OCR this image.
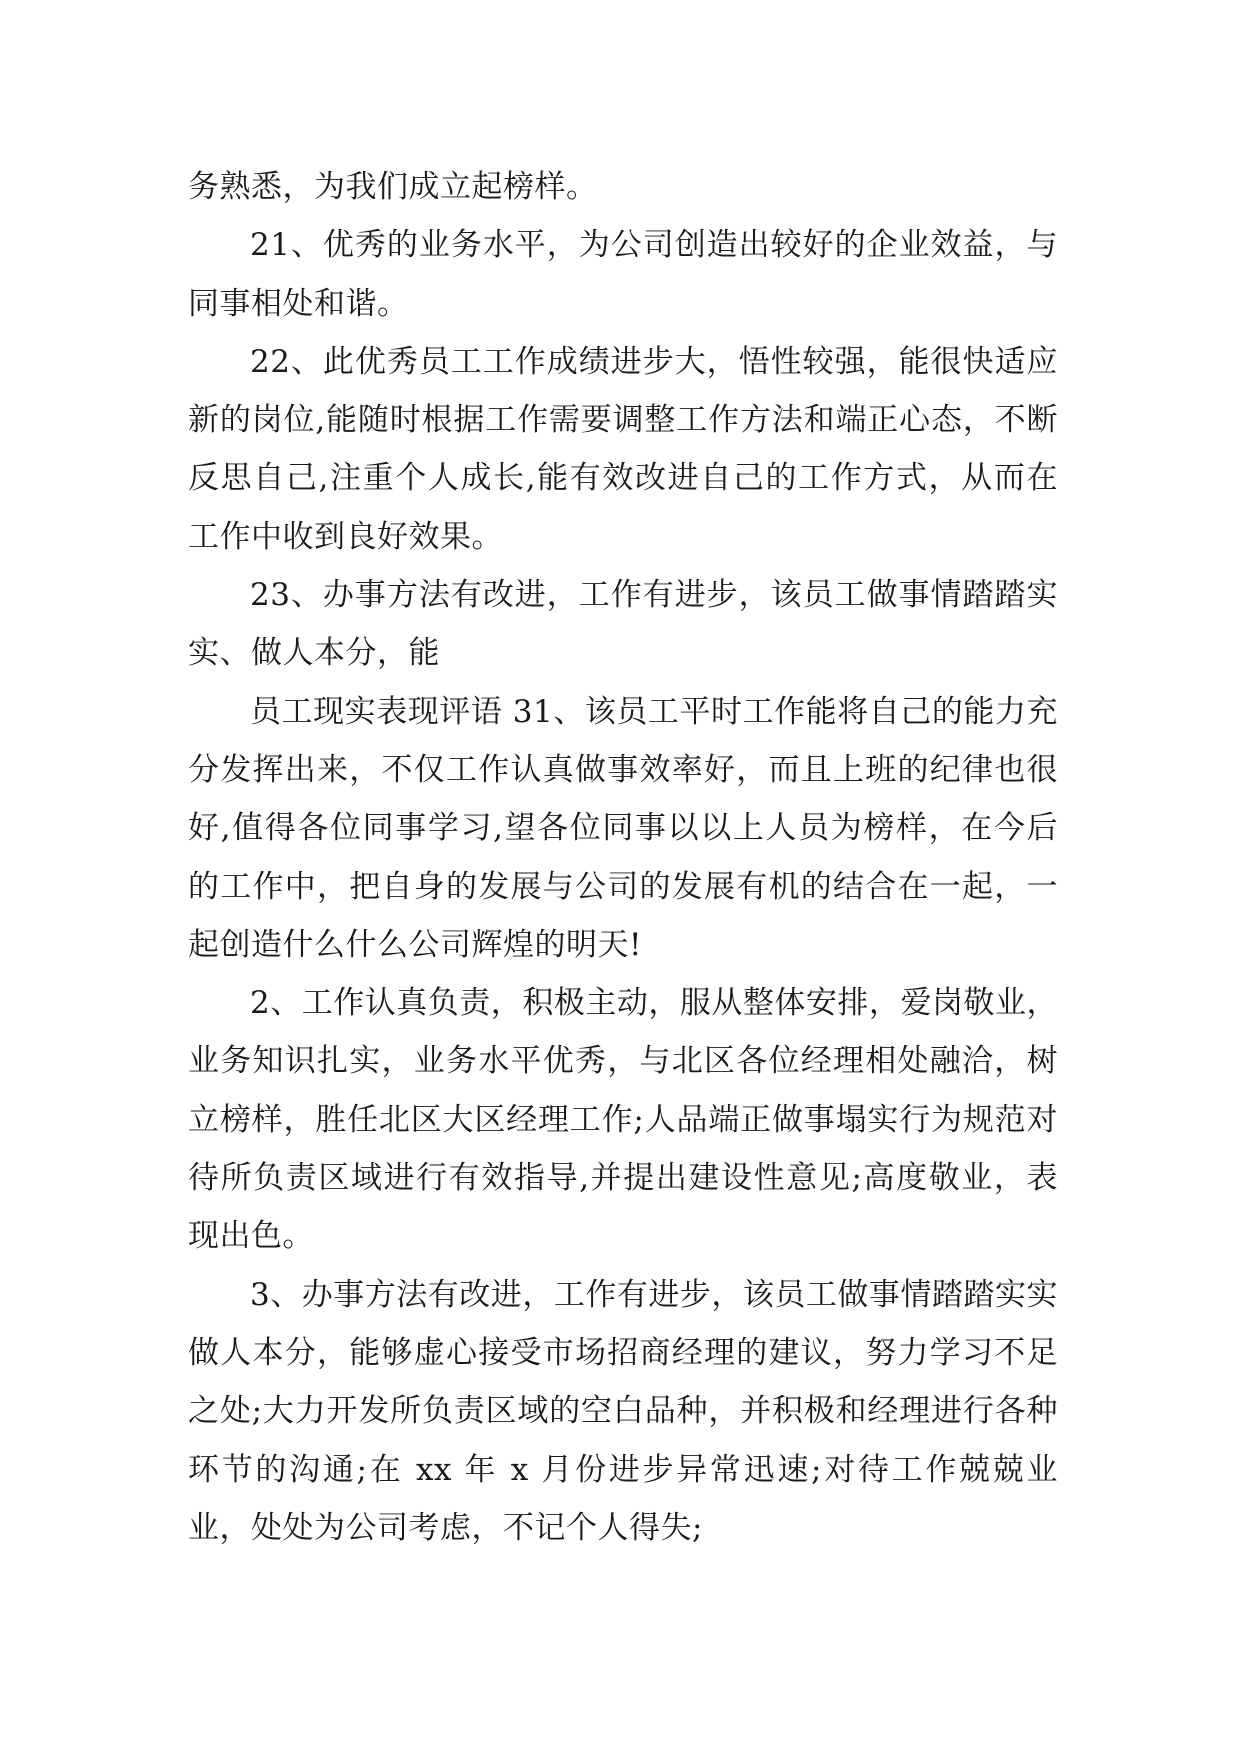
务熟悉，为我们成立起榜样。

21、优秀的业务水平，为公司创造出较好的企业效益，与同事相处和谐。

22、此优秀员工工作成绩进步大，悟性较强，能很快适应新的岗位,能随时根据工作需要调整工作方法和端正心态，不断反思自己,注重个人成长,能有效改进自己的工作方式，从而在工作中收到良好效果。

23、办事方法有改进，工作有进步，该员工做事情踏踏实实、做人本分，能

员工现实表现评语 31、该员工平时工作能将自己的能力充分发挥出来，不仅工作认真做事效率好，而且上班的纪律也很好,值得各位同事学习,望各位同事以以上人员为榜样，在今后的工作中，把自身的发展与公司的发展有机的结合在一起，一起创造什么什么公司辉煌的明天!

2、工作认真负责，积极主动，服从整体安排，爱岗敬业，业务知识扎实，业务水平优秀，与北区各位经理相处融洽，树立榜样，胜任北区大区经理工作;人品端正做事塌实行为规范对待所负责区域进行有效指导,并提出建设性意见;高度敬业，表现出色。

3、办事方法有改进，工作有进步，该员工做事情踏踏实实做人本分，能够虚心接受市场招商经理的建议，努力学习不足之处;大力开发所负责区域的空白品种，并积极和经理进行各种环节的沟通;在 xx 年 x 月份进步异常迅速;对待工作兢兢业业，处处为公司考虑，不记个人得失;
